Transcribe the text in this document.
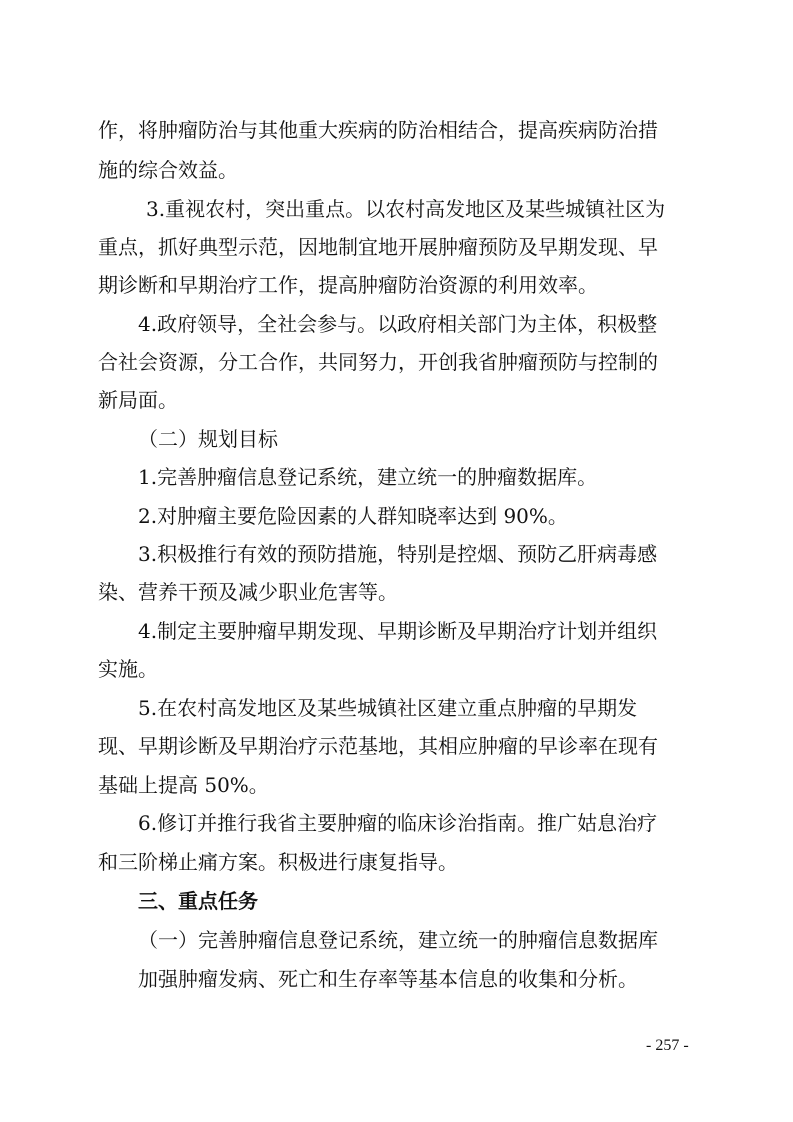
作，将肿瘤防治与其他重大疾病的防治相结合，提高疾病防治措
施的综合效益。
3.重视农村，突出重点。以农村高发地区及某些城镇社区为
重点，抓好典型示范，因地制宜地开展肿瘤预防及早期发现、早
期诊断和早期治疗工作，提高肿瘤防治资源的利用效率。
4.政府领导，全社会参与。以政府相关部门为主体，积极整
合社会资源，分工合作，共同努力，开创我省肿瘤预防与控制的
新局面。
（二）规划目标
1.完善肿瘤信息登记系统，建立统一的肿瘤数据库。
2.对肿瘤主要危险因素的人群知晓率达到 90%。
3.积极推行有效的预防措施，特别是控烟、预防乙肝病毒感
染、营养干预及减少职业危害等。
4.制定主要肿瘤早期发现、早期诊断及早期治疗计划并组织
实施。
5.在农村高发地区及某些城镇社区建立重点肿瘤的早期发
现、早期诊断及早期治疗示范基地，其相应肿瘤的早诊率在现有
基础上提高 50%。
6.修订并推行我省主要肿瘤的临床诊治指南。推广姑息治疗
和三阶梯止痛方案。积极进行康复指导。
三、重点任务
（一）完善肿瘤信息登记系统，建立统一的肿瘤信息数据库
加强肿瘤发病、死亡和生存率等基本信息的收集和分析。
- 257 -
